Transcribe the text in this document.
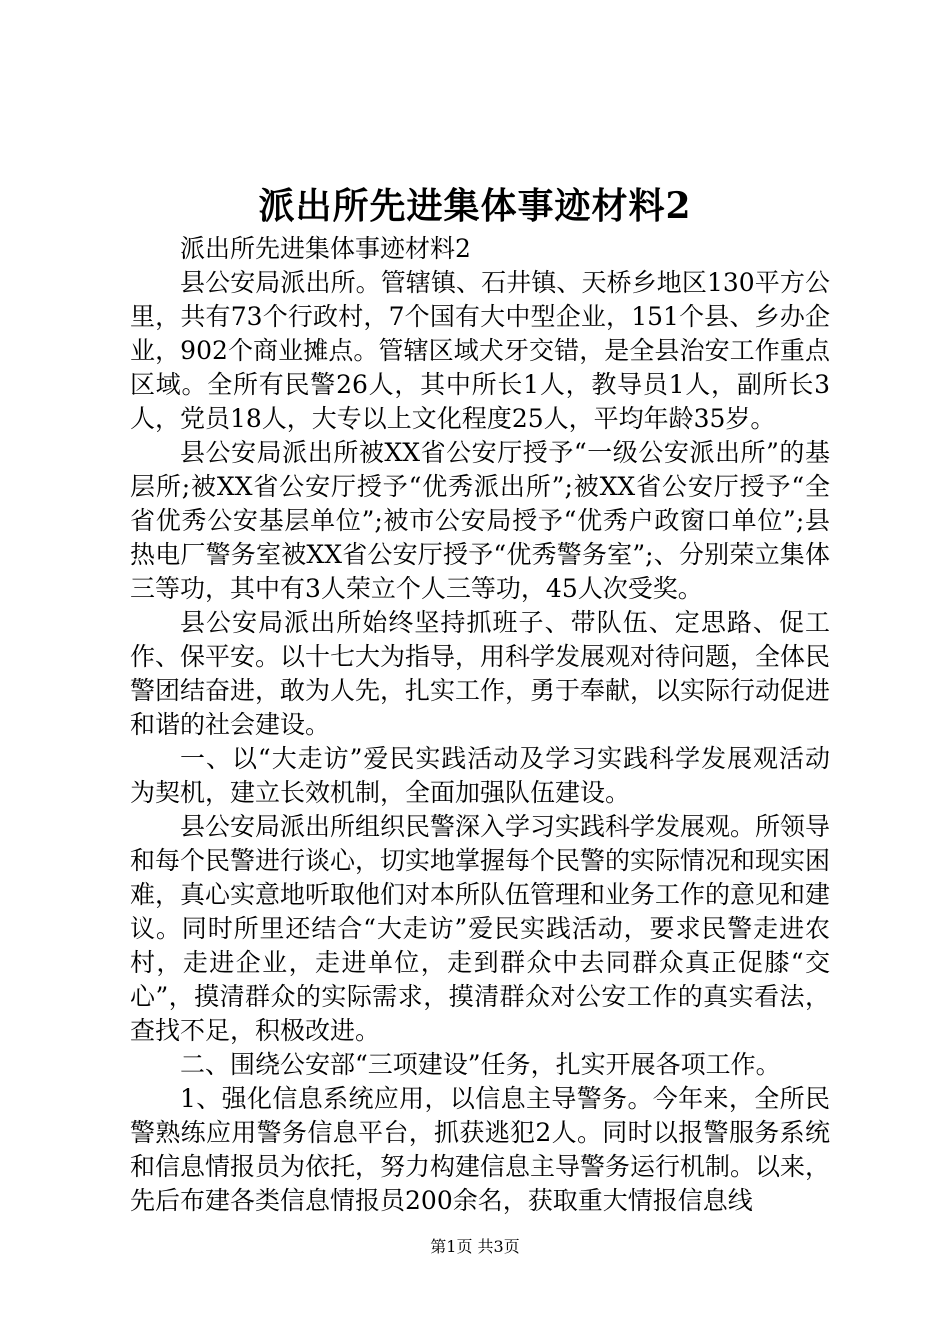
派出所先进集体事迹材料2

派出所先进集体事迹材料2

县公安局派出所。管辖镇、石井镇、天桥乡地区130平方公里，共有73个行政村，7个国有大中型企业，151个县、乡办企业，902个商业摊点。管辖区域犬牙交错，是全县治安工作重点区域。全所有民警26人，其中所长1人，教导员1人，副所长3人，党员18人，大专以上文化程度25人，平均年龄35岁。

县公安局派出所被XX省公安厅授予“一级公安派出所”的基层所;被XX省公安厅授予“优秀派出所”;被XX省公安厅授予“全省优秀公安基层单位”;被市公安局授予“优秀户政窗口单位”;县热电厂警务室被XX省公安厅授予“优秀警务室”;、分别荣立集体三等功，其中有3人荣立个人三等功，45人次受奖。

县公安局派出所始终坚持抓班子、带队伍、定思路、促工作、保平安。以十七大为指导，用科学发展观对待问题，全体民警团结奋进，敢为人先，扎实工作，勇于奉献，以实际行动促进和谐的社会建设。

一、以“大走访”爱民实践活动及学习实践科学发展观活动为契机，建立长效机制，全面加强队伍建设。

县公安局派出所组织民警深入学习实践科学发展观。所领导和每个民警进行谈心，切实地掌握每个民警的实际情况和现实困难，真心实意地听取他们对本所队伍管理和业务工作的意见和建议。同时所里还结合“大走访”爱民实践活动，要求民警走进农村，走进企业，走进单位，走到群众中去同群众真正促膝“交心”，摸清群众的实际需求，摸清群众对公安工作的真实看法，查找不足，积极改进。

二、围绕公安部“三项建设”任务，扎实开展各项工作。

1、强化信息系统应用，以信息主导警务。今年来，全所民警熟练应用警务信息平台，抓获逃犯2人。同时以报警服务系统和信息情报员为依托，努力构建信息主导警务运行机制。以来，先后布建各类信息情报员200余名，获取重大情报信息线

第1页 共3页
